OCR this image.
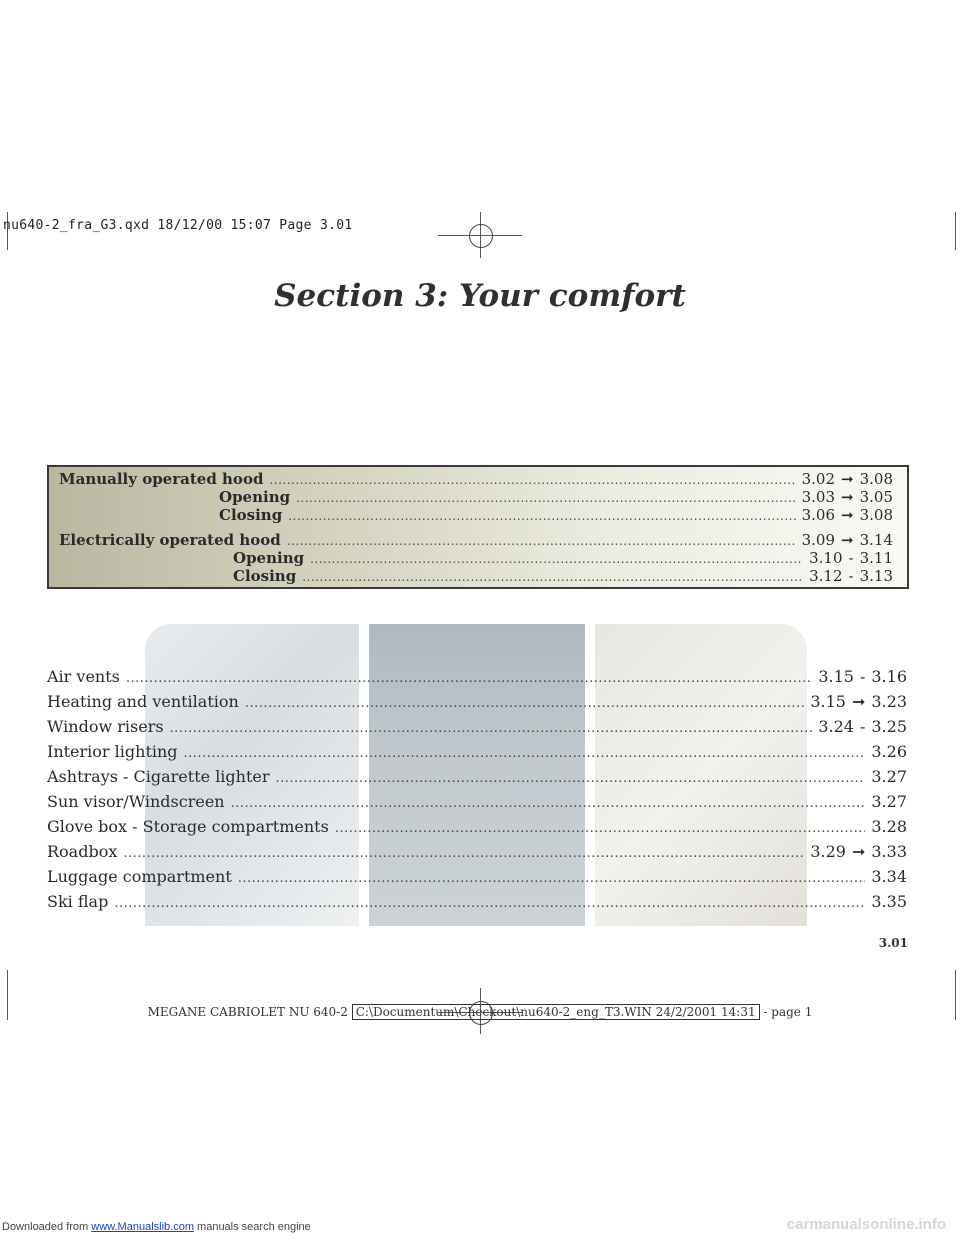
nu640-2_fra_G3.qxd 18/12/00 15:07 Page 3.01
Section 3: Your comfort
Manually operated hood .....	3.02 ➞ 3.08
Opening .....	3.03 ➞ 3.05
Closing .....	3.06 ➞ 3.08
Electrically operated hood .....	3.09 ➞ 3.14
Opening .....	3.10 - 3.11
Closing .....	3.12 - 3.13
Air vents .....	3.15 - 3.16
Heating and ventilation .....	3.15 ➞ 3.23
Window risers .....	3.24 - 3.25
Interior lighting .....	3.26
Ashtrays - Cigarette lighter .....	3.27
Sun visor/Windscreen .....	3.27
Glove box - Storage compartments .....	3.28
Roadbox .....	3.29 ➞ 3.33
Luggage compartment .....	3.34
Ski flap .....	3.35
3.01
MEGANE CABRIOLET NU 640-2 C:\Documentum\Checkout\nu640-2_eng_T3.WIN 24/2/2001 14:31 - page 1
Downloaded from www.Manualslib.com manuals search engine	carmanualsonline.info
